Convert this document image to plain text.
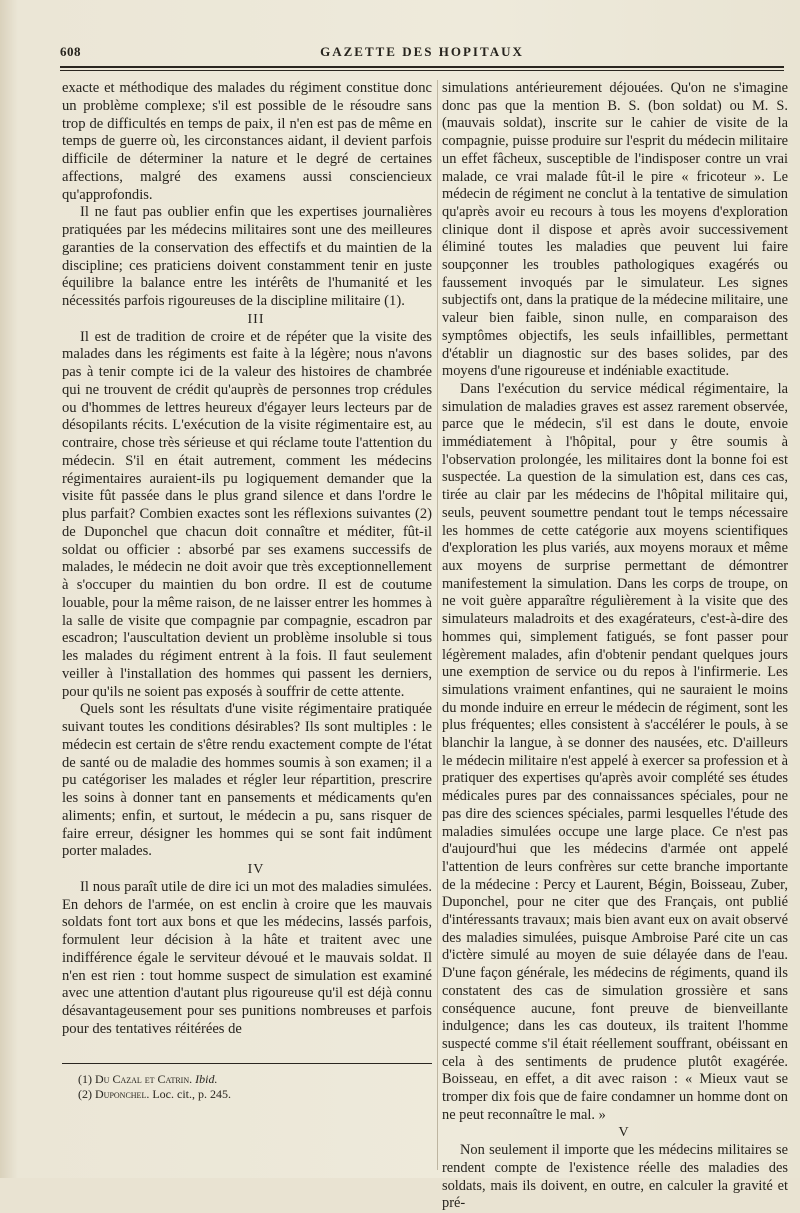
608	GAZETTE DES HOPITAUX

exacte et méthodique des malades du régiment constitue donc un problème complexe; s'il est possible de le résoudre sans trop de difficultés en temps de paix, il n'en est pas de même en temps de guerre où, les circonstances aidant, il devient parfois difficile de déterminer la nature et le degré de certaines affections, malgré des examens aussi consciencieux qu'approfondis.

Il ne faut pas oublier enfin que les expertises journalières pratiquées par les médecins militaires sont une des meilleures garanties de la conservation des effectifs et du maintien de la discipline; ces praticiens doivent constamment tenir en juste équilibre la balance entre les intérêts de l'humanité et les nécessités parfois rigoureuses de la discipline militaire (1).

III

Il est de tradition de croire et de répéter que la visite des malades dans les régiments est faite à la légère; nous n'avons pas à tenir compte ici de la valeur des histoires de chambrée qui ne trouvent de crédit qu'auprès de personnes trop crédules ou d'hommes de lettres heureux d'égayer leurs lecteurs par de désopilants récits. L'exécution de la visite régimentaire est, au contraire, chose très sérieuse et qui réclame toute l'attention du médecin. S'il en était autrement, comment les médecins régimentaires auraient-ils pu logiquement demander que la visite fût passée dans le plus grand silence et dans l'ordre le plus parfait? Combien exactes sont les réflexions suivantes (2) de Duponchel que chacun doit connaître et méditer, fût-il soldat ou officier : absorbé par ses examens successifs de malades, le médecin ne doit avoir que très exceptionnellement à s'occuper du maintien du bon ordre. Il est de coutume louable, pour la même raison, de ne laisser entrer les hommes à la salle de visite que compagnie par compagnie, escadron par escadron; l'auscultation devient un problème insoluble si tous les malades du régiment entrent à la fois. Il faut seulement veiller à l'installation des hommes qui passent les derniers, pour qu'ils ne soient pas exposés à souffrir de cette attente.

Quels sont les résultats d'une visite régimentaire pratiquée suivant toutes les conditions désirables? Ils sont multiples : le médecin est certain de s'être rendu exactement compte de l'état de santé ou de maladie des hommes soumis à son examen; il a pu catégoriser les malades et régler leur répartition, prescrire les soins à donner tant en pansements et médicaments qu'en aliments; enfin, et surtout, le médecin a pu, sans risquer de faire erreur, désigner les hommes qui se sont fait indûment porter malades.

IV

Il nous paraît utile de dire ici un mot des maladies simulées. En dehors de l'armée, on est enclin à croire que les mauvais soldats font tort aux bons et que les médecins, lassés parfois, formulent leur décision à la hâte et traitent avec une indifférence égale le serviteur dévoué et le mauvais soldat. Il n'en est rien : tout homme suspect de simulation est examiné avec une attention d'autant plus rigoureuse qu'il est déjà connu désavantageusement pour ses punitions nombreuses et parfois pour des tentatives réitérées de

simulations antérieurement déjouées. Qu'on ne s'imagine donc pas que la mention B. S. (bon soldat) ou M. S. (mauvais soldat), inscrite sur le cahier de visite de la compagnie, puisse produire sur l'esprit du médecin militaire un effet fâcheux, susceptible de l'indisposer contre un vrai malade, ce vrai malade fût-il le pire « fricoteur ». Le médecin de régiment ne conclut à la tentative de simulation qu'après avoir eu recours à tous les moyens d'exploration clinique dont il dispose et après avoir successivement éliminé toutes les maladies que peuvent lui faire soupçonner les troubles pathologiques exagérés ou faussement invoqués par le simulateur. Les signes subjectifs ont, dans la pratique de la médecine militaire, une valeur bien faible, sinon nulle, en comparaison des symptômes objectifs, les seuls infaillibles, permettant d'établir un diagnostic sur des bases solides, par des moyens d'une rigoureuse et indéniable exactitude.

Dans l'exécution du service médical régimentaire, la simulation de maladies graves est assez rarement observée, parce que le médecin, s'il est dans le doute, envoie immédiatement à l'hôpital, pour y être soumis à l'observation prolongée, les militaires dont la bonne foi est suspectée. La question de la simulation est, dans ces cas, tirée au clair par les médecins de l'hôpital militaire qui, seuls, peuvent soumettre pendant tout le temps nécessaire les hommes de cette catégorie aux moyens scientifiques d'exploration les plus variés, aux moyens moraux et même aux moyens de surprise permettant de démontrer manifestement la simulation. Dans les corps de troupe, on ne voit guère apparaître régulièrement à la visite que des simulateurs maladroits et des exagérateurs, c'est-à-dire des hommes qui, simplement fatigués, se font passer pour légèrement malades, afin d'obtenir pendant quelques jours une exemption de service ou du repos à l'infirmerie. Les simulations vraiment enfantines, qui ne sauraient le moins du monde induire en erreur le médecin de régiment, sont les plus fréquentes; elles consistent à s'accélérer le pouls, à se blanchir la langue, à se donner des nausées, etc. D'ailleurs le médecin militaire n'est appelé à exercer sa profession et à pratiquer des expertises qu'après avoir complété ses études médicales pures par des connaissances spéciales, pour ne pas dire des sciences spéciales, parmi lesquelles l'étude des maladies simulées occupe une large place. Ce n'est pas d'aujourd'hui que les médecins d'armée ont appelé l'attention de leurs confrères sur cette branche importante de la médecine : Percy et Laurent, Bégin, Boisseau, Zuber, Duponchel, pour ne citer que des Français, ont publié d'intéressants travaux; mais bien avant eux on avait observé des maladies simulées, puisque Ambroise Paré cite un cas d'ictère simulé au moyen de suie délayée dans de l'eau. D'une façon générale, les médecins de régiments, quand ils constatent des cas de simulation grossière et sans conséquence aucune, font preuve de bienveillante indulgence; dans les cas douteux, ils traitent l'homme suspecté comme s'il était réellement souffrant, obéissant en cela à des sentiments de prudence plutôt exagérée. Boisseau, en effet, a dit avec raison : « Mieux vaut se tromper dix fois que de faire condamner un homme dont on ne peut reconnaître le mal. »

V

Non seulement il importe que les médecins militaires se rendent compte de l'existence réelle des maladies des soldats, mais ils doivent, en outre, en calculer la gravité et pré-

(1) Du Cazal et Catrin. Ibid.
(2) Duponchel. Loc. cit., p. 245.
